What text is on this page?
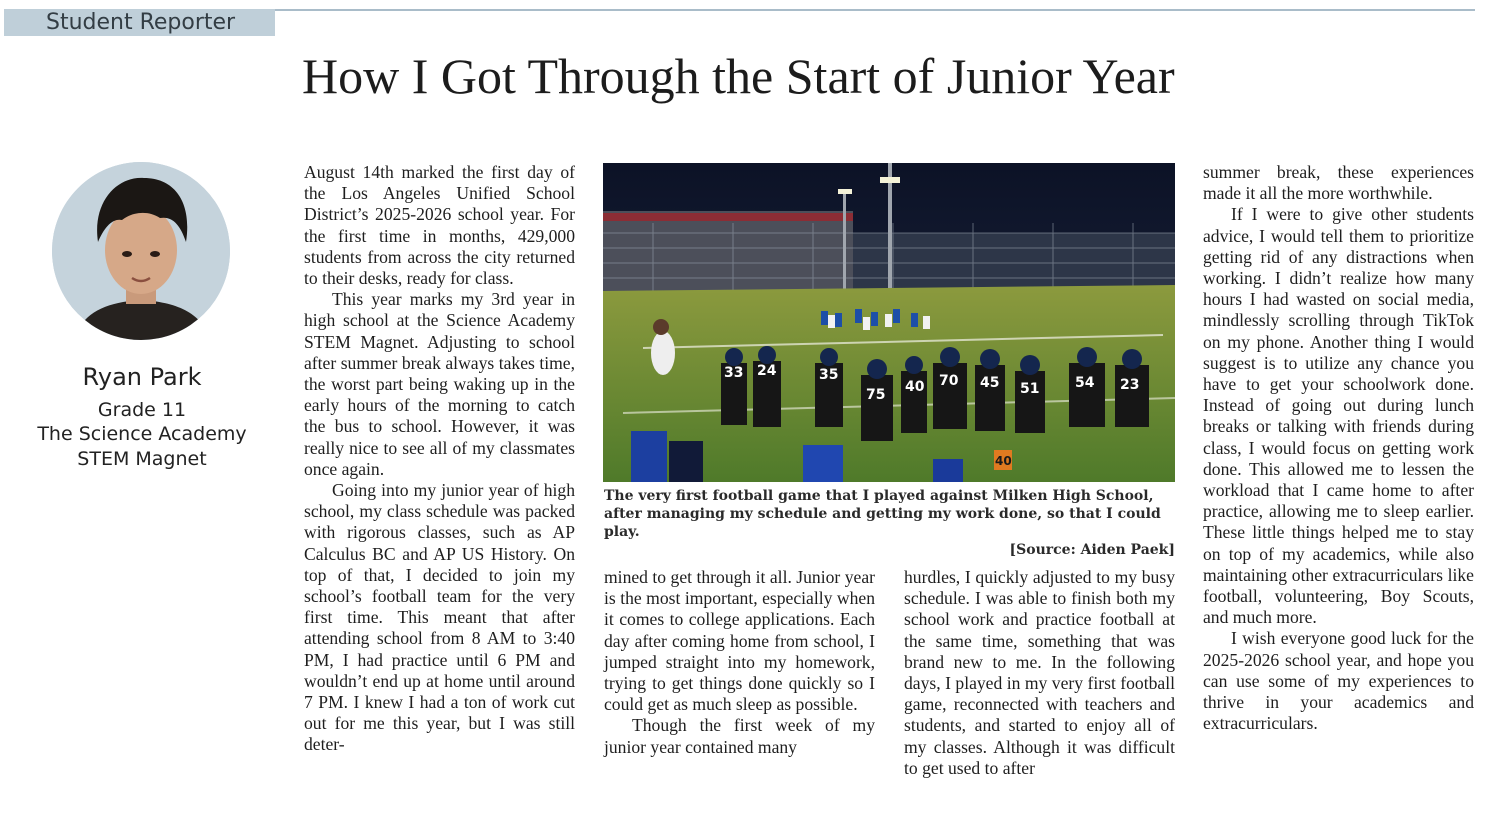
Student Reporter
How I Got Through the Start of Junior Year
Ryan Park
Grade 11
The Science Academy
STEM Magnet

August 14th marked the first day of the Los Angeles Unified School District’s 2025-2026 school year. For the first time in months, 429,000 students from across the city returned to their desks, ready for class.

This year marks my 3rd year in high school at the Science Academy STEM Magnet. Adjusting to school after summer break always takes time, the worst part being waking up in the early hours of the morning to catch the bus to school. However, it was really nice to see all of my classmates once again.

Going into my junior year of high school, my class schedule was packed with rigorous classes, such as AP Calculus BC and AP US History. On top of that, I decided to join my school’s football team for the very first time. This meant that after attending school from 8 AM to 3:40 PM, I had practice until 6 PM and wouldn’t end up at home until around 7 PM. I knew I had a ton of work cut out for me this year, but I was still deter-

33 24	35
75 40 70 45 51	54 23
40
The very first football game that I played against Milken High School, after managing my schedule and getting my work done, so that I could play.
[Source: Aiden Paek]

mined to get through it all. Junior year is the most important, especially when it comes to college applications. Each day after coming home from school, I jumped straight into my homework, trying to get things done quickly so I could get as much sleep as possible.

Though the first week of my junior year contained many

hurdles, I quickly adjusted to my busy schedule. I was able to finish both my school work and practice football at the same time, something that was brand new to me. In the following days, I played in my very first football game, reconnected with teachers and students, and started to enjoy all of my classes. Although it was difficult to get used to after

summer break, these experiences made it all the more worthwhile.

If I were to give other students advice, I would tell them to prioritize getting rid of any distractions when working. I didn’t realize how many hours I had wasted on social media, mindlessly scrolling through TikTok on my phone. Another thing I would suggest is to utilize any chance you have to get your schoolwork done. Instead of going out during lunch breaks or talking with friends during class, I would focus on getting work done. This allowed me to lessen the workload that I came home to after practice, allowing me to sleep earlier. These little things helped me to stay on top of my academics, while also maintaining other extracurriculars like football, volunteering, Boy Scouts, and much more.

I wish everyone good luck for the 2025-2026 school year, and hope you can use some of my experiences to thrive in your academics and extracurriculars.
